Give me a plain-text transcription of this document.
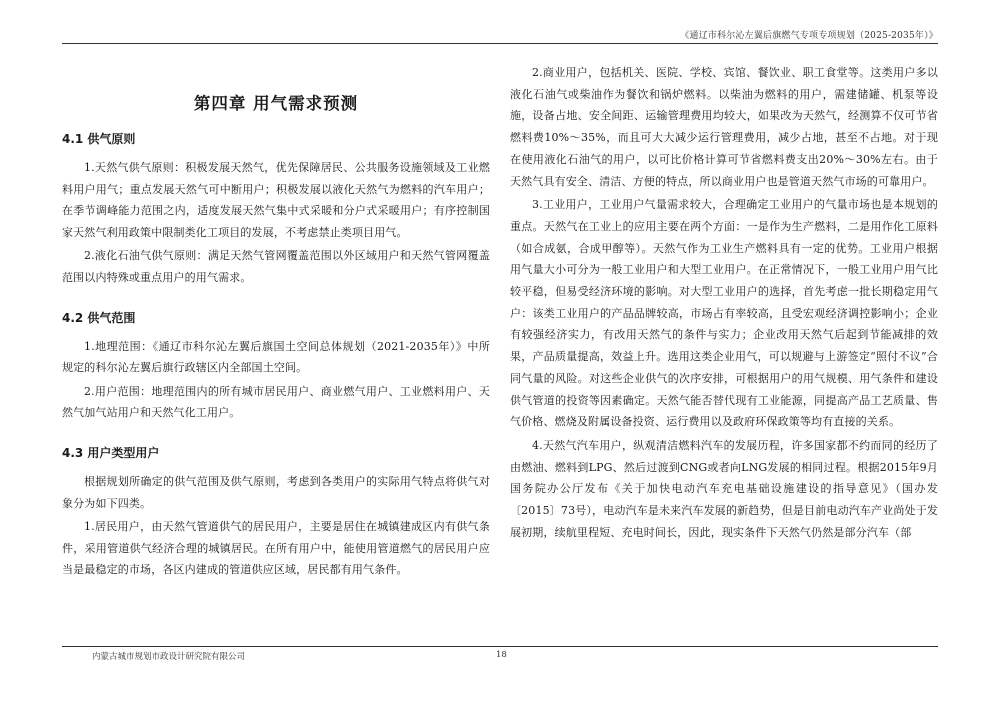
《通辽市科尔沁左翼后旗燃气专项专项规划（2025-2035年）》
第四章 用气需求预测
4.1 供气原则

1.天然气供气原则：积极发展天然气，优先保障居民、公共服务设施领域及工业燃料用户用气；重点发展天然气可中断用户；积极发展以液化天然气为燃料的汽车用户；在季节调峰能力范围之内，适度发展天然气集中式采暖和分户式采暖用户；有序控制国家天然气利用政策中限制类化工项目的发展，不考虑禁止类项目用气。

2.液化石油气供气原则：满足天然气管网覆盖范围以外区域用户和天然气管网覆盖范围以内特殊或重点用户的用气需求。

4.2 供气范围

1.地理范围：《通辽市科尔沁左翼后旗国土空间总体规划（2021-2035年）》中所规定的科尔沁左翼后旗行政辖区内全部国土空间。

2.用户范围：地理范围内的所有城市居民用户、商业燃气用户、工业燃料用户、天然气加气站用户和天然气化工用户。

4.3 用户类型用户

根据规划所确定的供气范围及供气原则，考虑到各类用户的实际用气特点将供气对象分为如下四类。

1.居民用户，由天然气管道供气的居民用户，主要是居住在城镇建成区内有供气条件，采用管道供气经济合理的城镇居民。在所有用户中，能使用管道燃气的居民用户应当是最稳定的市场，各区内建成的管道供应区域，居民都有用气条件。

2.商业用户，包括机关、医院、学校、宾馆、餐饮业、职工食堂等。这类用户多以液化石油气或柴油作为餐饮和锅炉燃料。以柴油为燃料的用户，需建储罐、机泵等设施，设备占地、安全间距、运输管理费用均较大，如果改为天然气，经测算不仅可节省燃料费10%～35%，而且可大大减少运行管理费用，减少占地，甚至不占地。对于现在使用液化石油气的用户，以可比价格计算可节省燃料费支出20%～30%左右。由于天然气具有安全、清洁、方便的特点，所以商业用户也是管道天然气市场的可靠用户。

3.工业用户，工业用户气量需求较大，合理确定工业用户的气量市场也是本规划的重点。天然气在工业上的应用主要在两个方面：一是作为生产燃料，二是用作化工原料（如合成氨，合成甲醇等）。天然气作为工业生产燃料具有一定的优势。工业用户根据用气量大小可分为一般工业用户和大型工业用户。在正常情况下，一般工业用户用气比较平稳，但易受经济环境的影响。对大型工业用户的选择，首先考虑一批长期稳定用气户：该类工业用户的产品品牌较高，市场占有率较高，且受宏观经济调控影响小；企业有较强经济实力，有改用天然气的条件与实力；企业改用天然气后起到节能减排的效果，产品质量提高，效益上升。选用这类企业用气，可以规避与上游签定“照付不议”合同气量的风险。对这些企业供气的次序安排，可根据用户的用气规模、用气条件和建设供气管道的投资等因素确定。天然气能否替代现有工业能源，同提高产品工艺质量、售气价格、燃烧及附属设备投资、运行费用以及政府环保政策等均有直接的关系。

4.天然气汽车用户，纵观清洁燃料汽车的发展历程，许多国家都不约而同的经历了由燃油、燃料到LPG、然后过渡到CNG或者向LNG发展的相同过程。根据2015年9月国务院办公厅发布《关于加快电动汽车充电基础设施建设的指导意见》（国办发〔2015〕73号），电动汽车是未来汽车发展的新趋势，但是目前电动汽车产业尚处于发展初期，续航里程短、充电时间长，因此，现实条件下天然气仍然是部分汽车（部

内蒙古城市规划市政设计研究院有限公司	18
